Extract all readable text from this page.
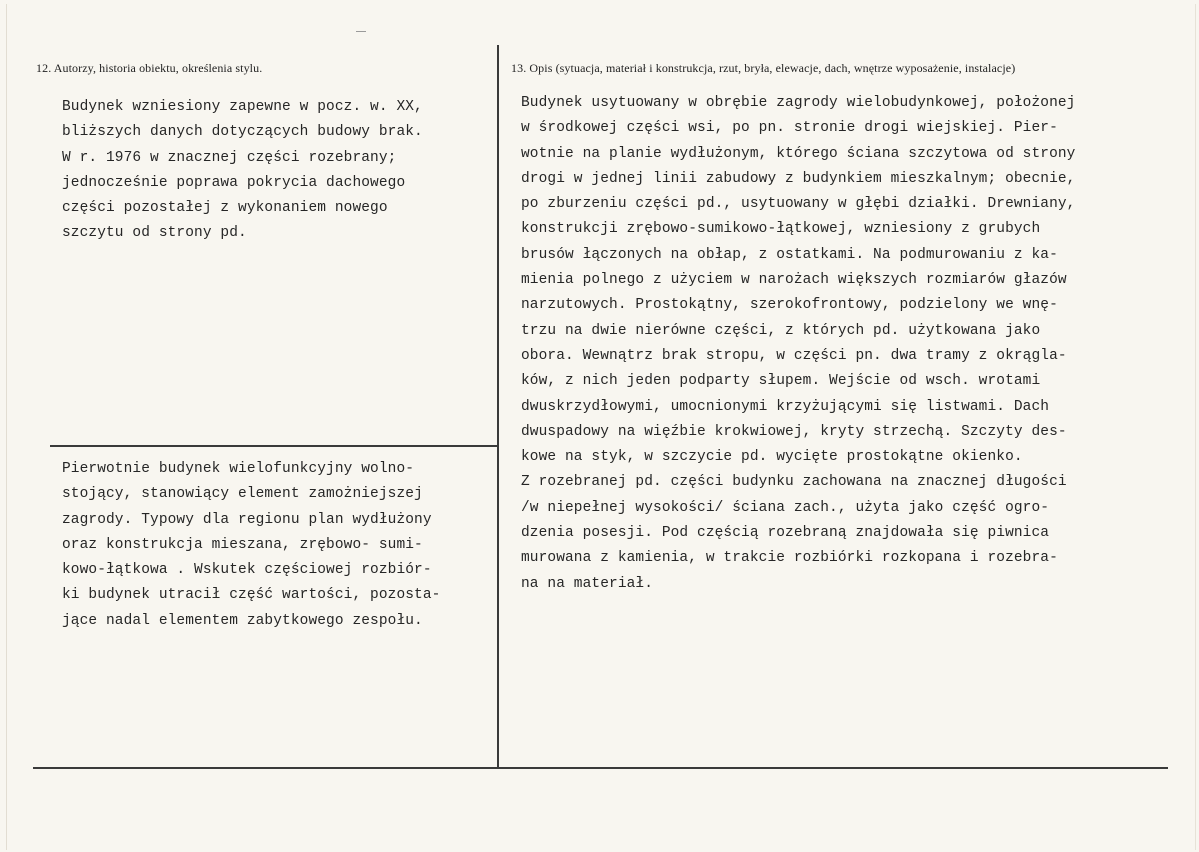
12. Autorzy, historia obiektu, określenia stylu.	13. Opis (sytuacja, materiał i konstrukcja, rzut, bryła, elewacje, dach, wnętrze wyposażenie, instalacje)
Budynek wzniesiony zapewne w pocz. w. XX,
bliższych danych dotyczących budowy brak.
W r. 1976 w znacznej części rozebrany;
jednocześnie poprawa pokrycia dachowego
części pozostałej z wykonaniem nowego
szczytu od strony pd.
Pierwotnie budynek wielofunkcyjny wolno-
stojący, stanowiący element zamożniejszej
zagrody. Typowy dla regionu plan wydłużony
oraz konstrukcja mieszana, zrębowo- sumi-
kowo-łątkowa . Wskutek częściowej rozbiór-
ki budynek utracił część wartości, pozosta-
jące nadal elementem zabytkowego zespołu.
Budynek usytuowany w obrębie zagrody wielobudynkowej, położonej
w środkowej części wsi, po pn. stronie drogi wiejskiej. Pier-
wotnie na planie wydłużonym, którego ściana szczytowa od strony
drogi w jednej linii zabudowy z budynkiem mieszkalnym; obecnie,
po zburzeniu części pd., usytuowany w głębi działki. Drewniany,
konstrukcji zrębowo-sumikowo-łątkowej, wzniesiony z grubych
brusów łączonych na obłap, z ostatkami. Na podmurowaniu z ka-
mienia polnego z użyciem w narożach większych rozmiarów głazów
narzutowych. Prostokątny, szerokofrontowy, podzielony we wnę-
trzu na dwie nierówne części, z których pd. użytkowana jako
obora. Wewnątrz brak stropu, w części pn. dwa tramy z okrągla-
ków, z nich jeden podparty słupem. Wejście od wsch. wrotami
dwuskrzydłowymi, umocnionymi krzyżującymi się listwami. Dach
dwuspadowy na więźbie krokwiowej, kryty strzechą. Szczyty des-
kowe na styk, w szczycie pd. wycięte prostokątne okienko.
Z rozebranej pd. części budynku zachowana na znacznej długości
/w niepełnej wysokości/ ściana zach., użyta jako część ogro-
dzenia posesji. Pod częścią rozebraną znajdowała się piwnica
murowana z kamienia, w trakcie rozbiórki rozkopana i rozebra-
na na materiał.
